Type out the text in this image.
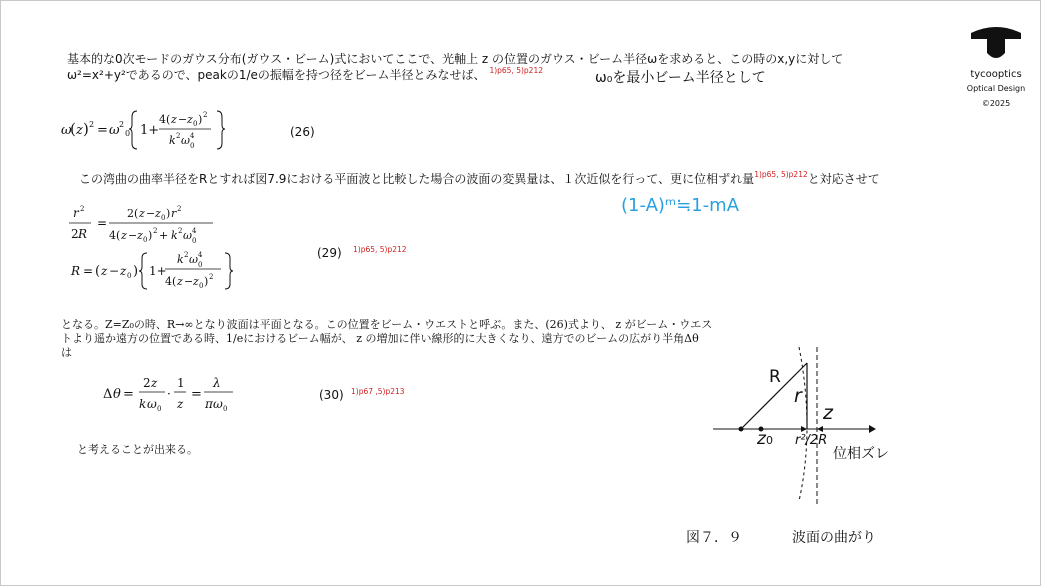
基本的な0次モードのガウス分布(ガウス・ビーム)式においてここで、光軸上 z の位置のガウス・ビーム半径ωを求めると、この時のx,yに対して
ω²=x²+y²であるので、peakの1/eの振幅を持つ径をビーム半径とみなせば、 $^{1)p65, 5)p212}$	ω₀を最小ビーム半径として
ω
( z ) 2 = ω 2
0 1+
4( z − z 0 ) 2
k 2 ω 4
0
(26)
この湾曲の曲率半径をRとすれば図7.9における平面波と比較した場合の波面の変異量は、１次近似を行って、更に位相ずれ量$^{1)p65, 5)p212}$と対応させて
(1-A)ᵐ≒1-mA
r 2
2 R
=
2( z − z 0 ) r 2
4( z − z 0 ) 2 + k 2 ω 4
0
R = ( z − z 0 ) 1+
k 2 ω 4
0
4( z − z 0 ) 2
(29) 1)p65, 5)p212
となる。Z=Z₀の時、R→∞となり波面は平面となる。この位置をビーム・ウエストと呼ぶ。また、(26)式より、 z がビーム・ウエス
トより遥か遠方の位置である時、1/eにおけるビーム幅が、 z の増加に伴い線形的に大きくなり、遠方でのビームの広がり半角Δθ
は
Δ θ =
2 z
k ω 0
·
1
z
=
λ
π ω 0
(30) 1)p67 ,5)p213
と考えることが出来る。
R
r
z
z0 r²/2R
位相ズレ
図７．９	波面の曲がり
tycooptics
Optical Design
©2025
